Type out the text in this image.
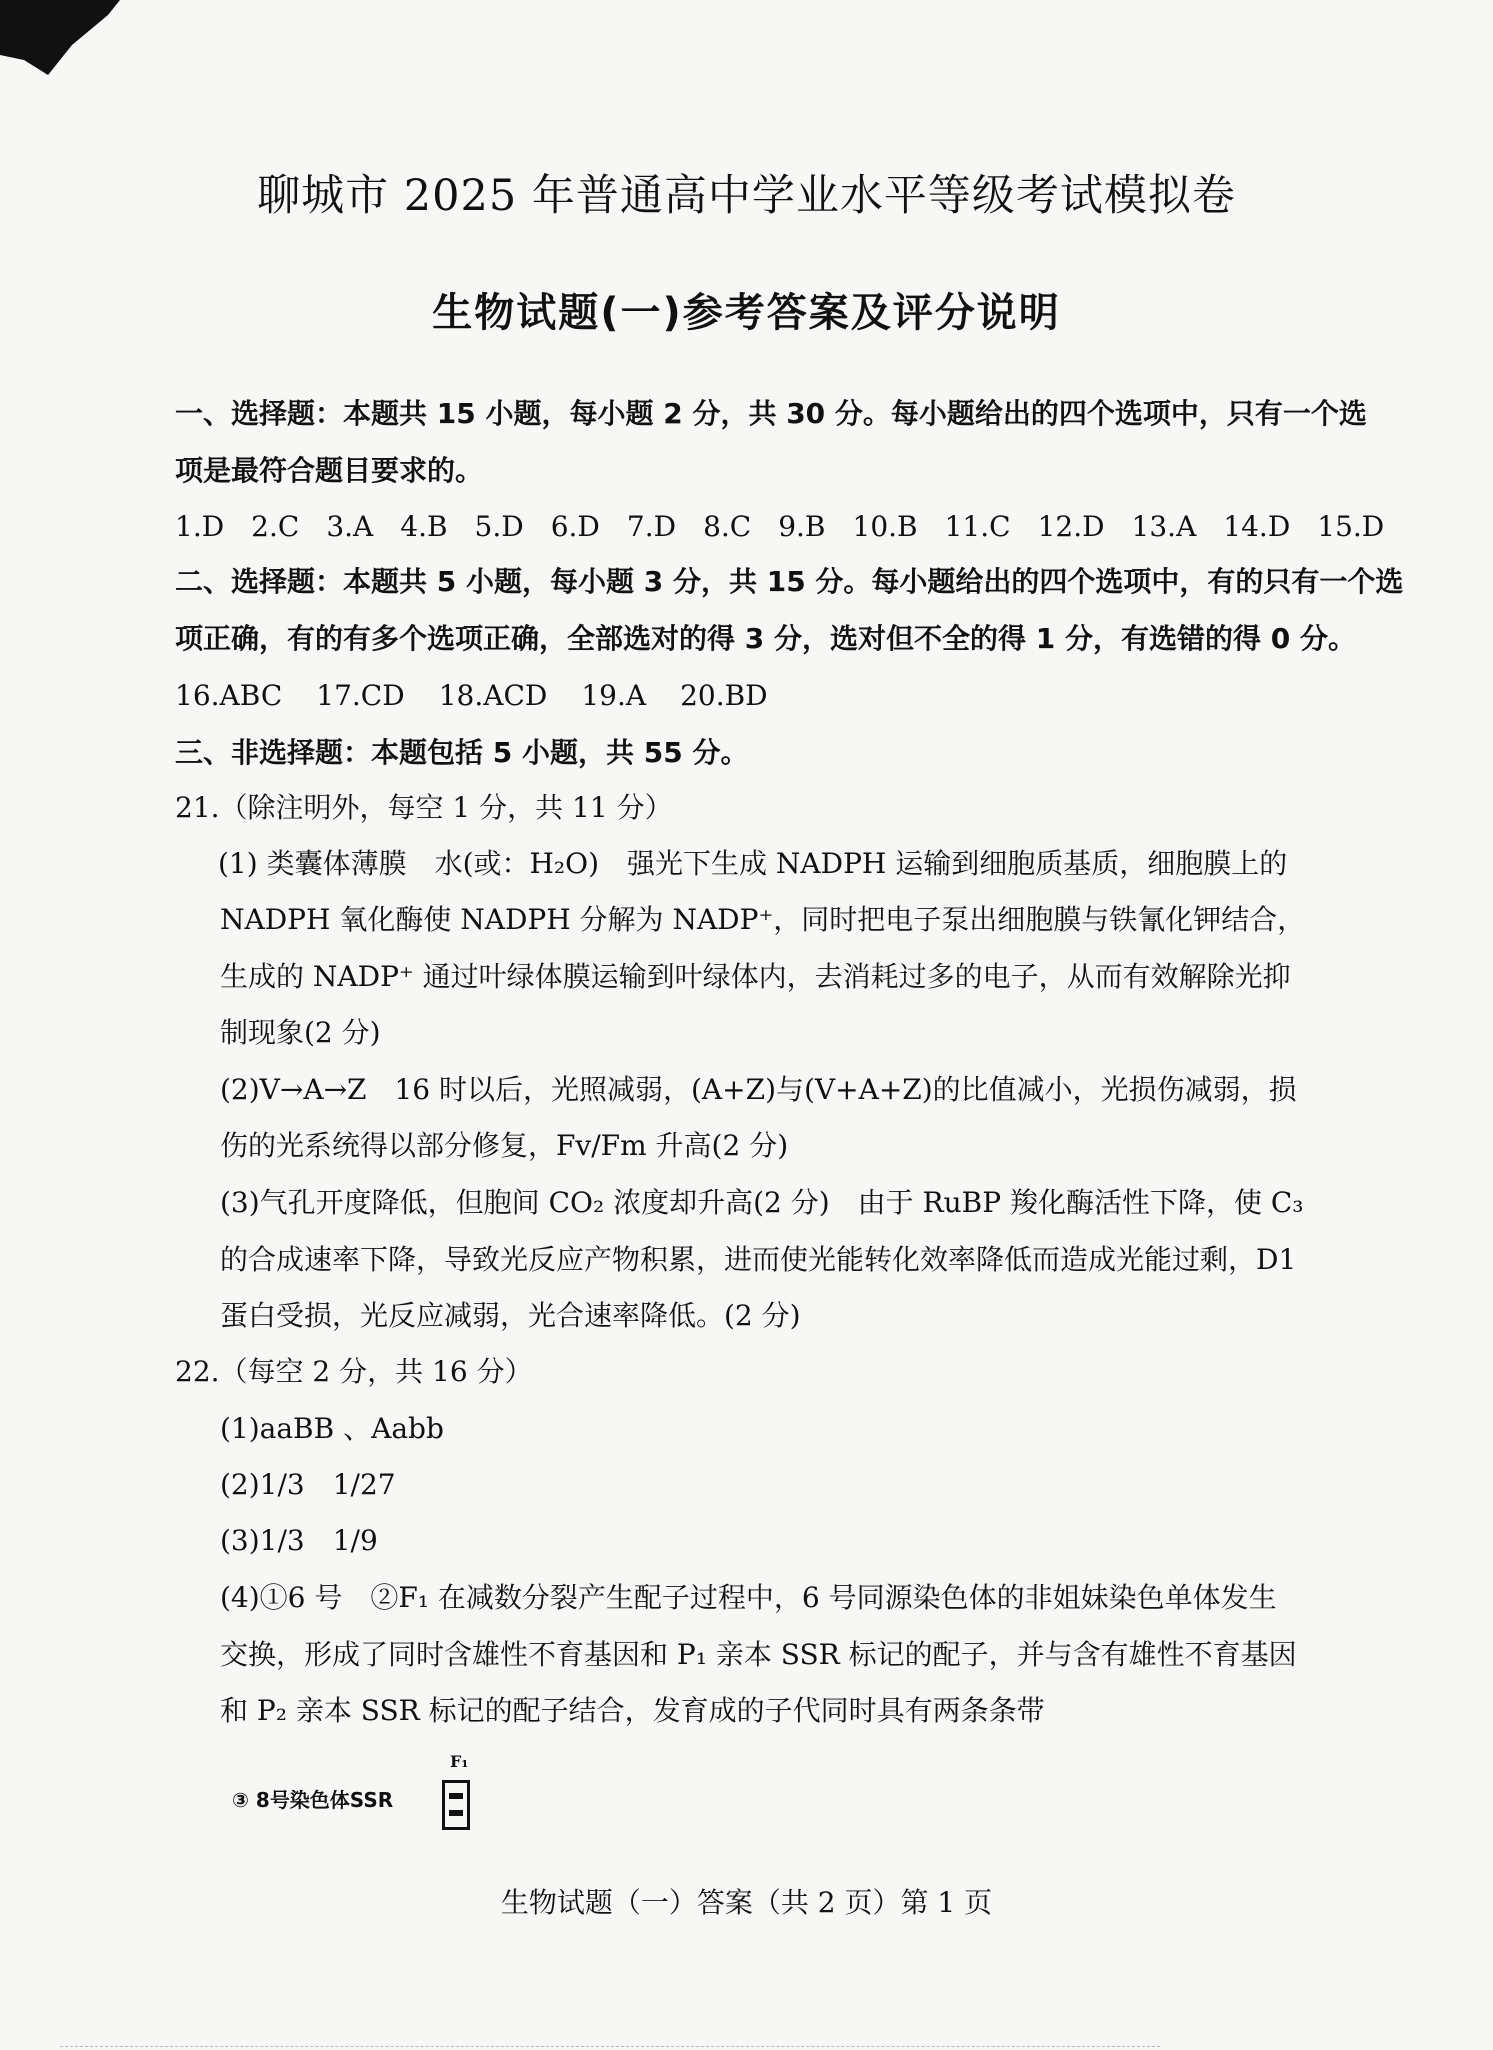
聊城市 2025 年普通高中学业水平等级考试模拟卷
生物试题(一)参考答案及评分说明
一、选择题：本题共 15 小题，每小题 2 分，共 30 分。每小题给出的四个选项中，只有一个选
项是最符合题目要求的。
1.D 2.C 3.A 4.B 5.D 6.D 7.D 8.C 9.B 10.B 11.C 12.D 13.A 14.D 15.D
二、选择题：本题共 5 小题，每小题 3 分，共 15 分。每小题给出的四个选项中，有的只有一个选
项正确，有的有多个选项正确，全部选对的得 3 分，选对但不全的得 1 分，有选错的得 0 分。
16.ABC 17.CD 18.ACD 19.A 20.BD
三、非选择题：本题包括 5 小题，共 55 分。
21.（除注明外，每空 1 分，共 11 分）
(1) 类囊体薄膜　水(或：H₂O)　强光下生成 NADPH 运输到细胞质基质，细胞膜上的
NADPH 氧化酶使 NADPH 分解为 NADP⁺，同时把电子泵出细胞膜与铁氰化钾结合，
生成的 NADP⁺ 通过叶绿体膜运输到叶绿体内，去消耗过多的电子，从而有效解除光抑
制现象(2 分)
(2)V→A→Z　16 时以后，光照减弱，(A+Z)与(V+A+Z)的比值减小，光损伤减弱，损
伤的光系统得以部分修复，Fv/Fm 升高(2 分)
(3)气孔开度降低，但胞间 CO₂ 浓度却升高(2 分)　由于 RuBP 羧化酶活性下降，使 C₃
的合成速率下降，导致光反应产物积累，进而使光能转化效率降低而造成光能过剩，D1
蛋白受损，光反应减弱，光合速率降低。(2 分)
22.（每空 2 分，共 16 分）
(1)aaBB 、Aabb
(2)1/3　1/27
(3)1/3　1/9
(4)①6 号　②F₁ 在减数分裂产生配子过程中，6 号同源染色体的非姐妹染色单体发生
交换，形成了同时含雄性不育基因和 P₁ 亲本 SSR 标记的配子，并与含有雄性不育基因
和 P₂ 亲本 SSR 标记的配子结合，发育成的子代同时具有两条条带
③ 8号染色体SSR
F₁
生物试题（一）答案（共 2 页）第 1 页
